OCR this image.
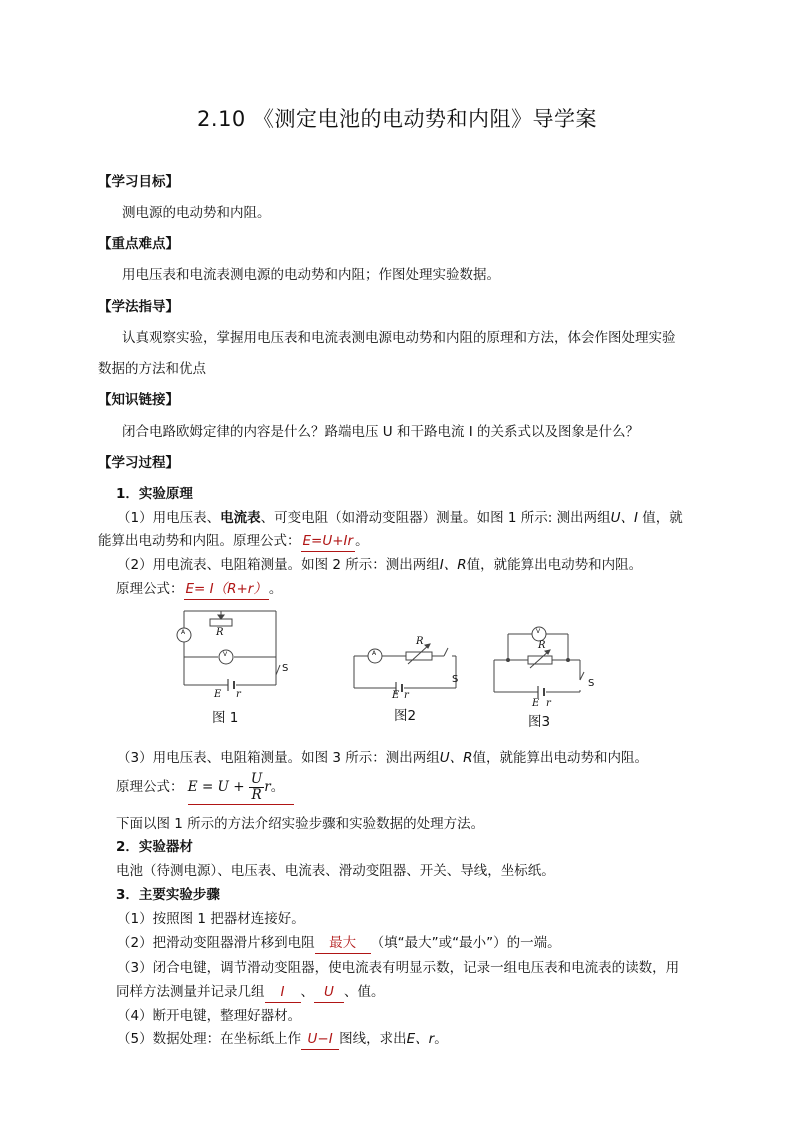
2.10 《测定电池的电动势和内阻》导学案
【学习目标】
测电源的电动势和内阻。
【重点难点】
用电压表和电流表测电源的电动势和内阻；作图处理实验数据。
【学法指导】
认真观察实验，掌握用电压表和电流表测电源电动势和内阻的原理和方法，体会作图处理实验
数据的方法和优点
【知识链接】
闭合电路欧姆定律的内容是什么？路端电压 U 和干路电流 I 的关系式以及图象是什么？
【学习过程】
1．实验原理
（1）用电压表、电流表、可变电阻（如滑动变阻器）测量。如图 1 所示: 测出两组U、I 值，就
能算出电动势和内阻。原理公式： E=U+Ir 。
（2）用电流表、电阻箱测量。如图 2 所示：测出两组I、R值，就能算出电动势和内阻。
原理公式： E= I（R+r） 。
A
V
R
S
E r
图 1
A
R
S
E r
图2
V
R
S
E r
图3
（3）用电压表、电阻箱测量。如图 3 所示：测出两组U、R值，就能算出电动势和内阻。
原理公式： $E = U + \frac{U}{R}$ r。
下面以图 1 所示的方法介绍实验步骤和实验数据的处理方法。
2．实验器材
电池（待测电源）、电压表、电流表、滑动变阻器、开关、导线，坐标纸。
3．主要实验步骤
（1）按照图 1 把器材连接好。
（2）把滑动变阻器滑片移到电阻 最大 （填“最大”或“最小”）的一端。
（3）闭合电键，调节滑动变阻器，使电流表有明显示数，记录一组电压表和电流表的读数，用
同样方法测量并记录几组 I 、 U 、值。
（4）断开电键，整理好器材。
（5）数据处理：在坐标纸上作 U−I 图线，求出E、r。
